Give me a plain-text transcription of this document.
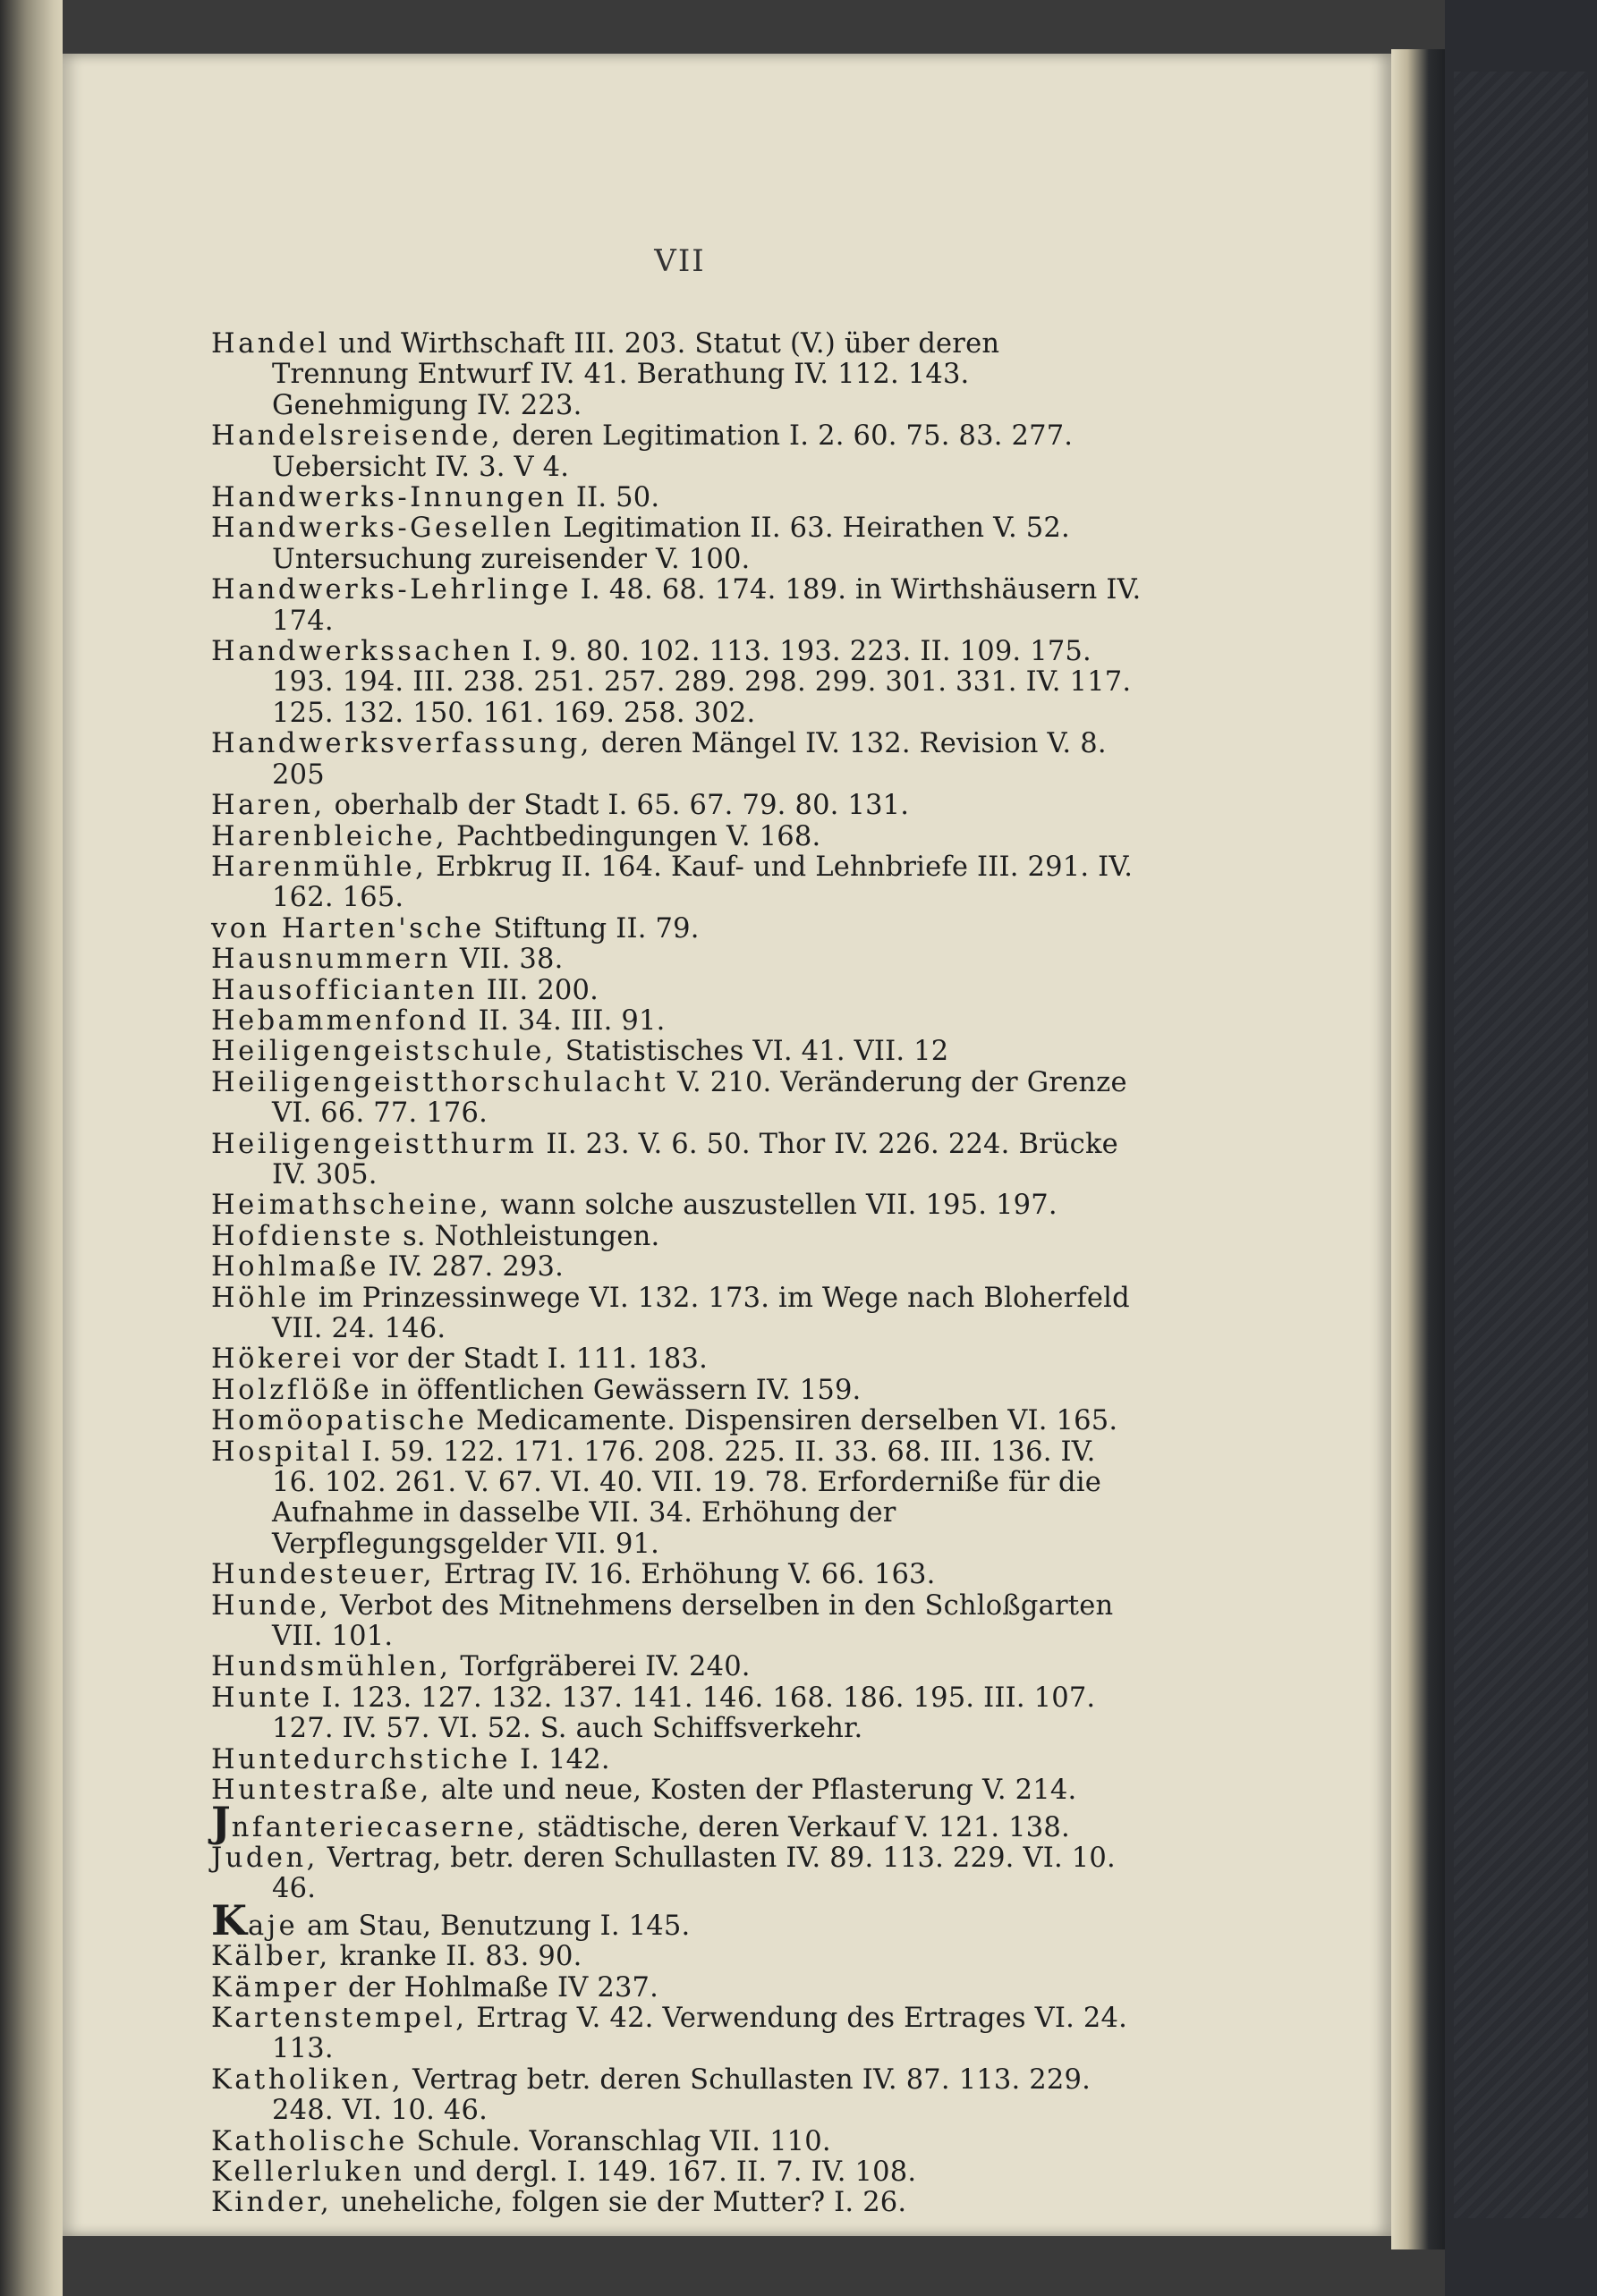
VII

Handel und Wirthschaft III. 203. Statut (V.) über deren Trennung Entwurf IV. 41. Berathung IV. 112. 143. Genehmigung IV. 223.

Handelsreisende, deren Legitimation I. 2. 60. 75. 83. 277. Uebersicht IV. 3. V 4.

Handwerks-Innungen II. 50.

Handwerks-Gesellen Legitimation II. 63. Heirathen V. 52. Untersuchung zureisender V. 100.

Handwerks-Lehrlinge I. 48. 68. 174. 189. in Wirthshäusern IV. 174.

Handwerkssachen I. 9. 80. 102. 113. 193. 223. II. 109. 175. 193. 194. III. 238. 251. 257. 289. 298. 299. 301. 331. IV. 117. 125. 132. 150. 161. 169. 258. 302.

Handwerksverfassung, deren Mängel IV. 132. Revision V. 8. 205

Haren, oberhalb der Stadt I. 65. 67. 79. 80. 131.

Harenbleiche, Pachtbedingungen V. 168.

Harenmühle, Erbkrug II. 164. Kauf- und Lehnbriefe III. 291. IV. 162. 165.

von Harten'sche Stiftung II. 79.

Hausnummern VII. 38.

Hausofficianten III. 200.

Hebammenfond II. 34. III. 91.

Heiligengeistschule, Statistisches VI. 41. VII. 12

Heiligengeistthorschulacht V. 210. Veränderung der Grenze VI. 66. 77. 176.

Heiligengeistthurm II. 23. V. 6. 50. Thor IV. 226. 224. Brücke IV. 305.

Heimathscheine, wann solche auszustellen VII. 195. 197.

Hofdienste s. Nothleistungen.

Hohlmaße IV. 287. 293.

Höhle im Prinzessinwege VI. 132. 173. im Wege nach Bloherfeld VII. 24. 146.

Hökerei vor der Stadt I. 111. 183.

Holzflöße in öffentlichen Gewässern IV. 159.

Homöopatische Medicamente. Dispensiren derselben VI. 165.

Hospital I. 59. 122. 171. 176. 208. 225. II. 33. 68. III. 136. IV. 16. 102. 261. V. 67. VI. 40. VII. 19. 78. Erforderniße für die Aufnahme in dasselbe VII. 34. Erhöhung der Verpflegungsgelder VII. 91.

Hundesteuer, Ertrag IV. 16. Erhöhung V. 66. 163.

Hunde, Verbot des Mitnehmens derselben in den Schloßgarten VII. 101.

Hundsmühlen, Torfgräberei IV. 240.

Hunte I. 123. 127. 132. 137. 141. 146. 168. 186. 195. III. 107. 127. IV. 57. VI. 52. S. auch Schiffsverkehr.

Huntedurchstiche I. 142.

Huntestraße, alte und neue, Kosten der Pflasterung V. 214.

Jnfanteriecaserne, städtische, deren Verkauf V. 121. 138.

Juden, Vertrag, betr. deren Schullasten IV. 89. 113. 229. VI. 10. 46.

Kaje am Stau, Benutzung I. 145.

Kälber, kranke II. 83. 90.

Kämper der Hohlmaße IV 237.

Kartenstempel, Ertrag V. 42. Verwendung des Ertrages VI. 24. 113.

Katholiken, Vertrag betr. deren Schullasten IV. 87. 113. 229. 248. VI. 10. 46.

Katholische Schule. Voranschlag VII. 110.

Kellerluken und dergl. I. 149. 167. II. 7. IV. 108.

Kinder, uneheliche, folgen sie der Mutter? I. 26.
